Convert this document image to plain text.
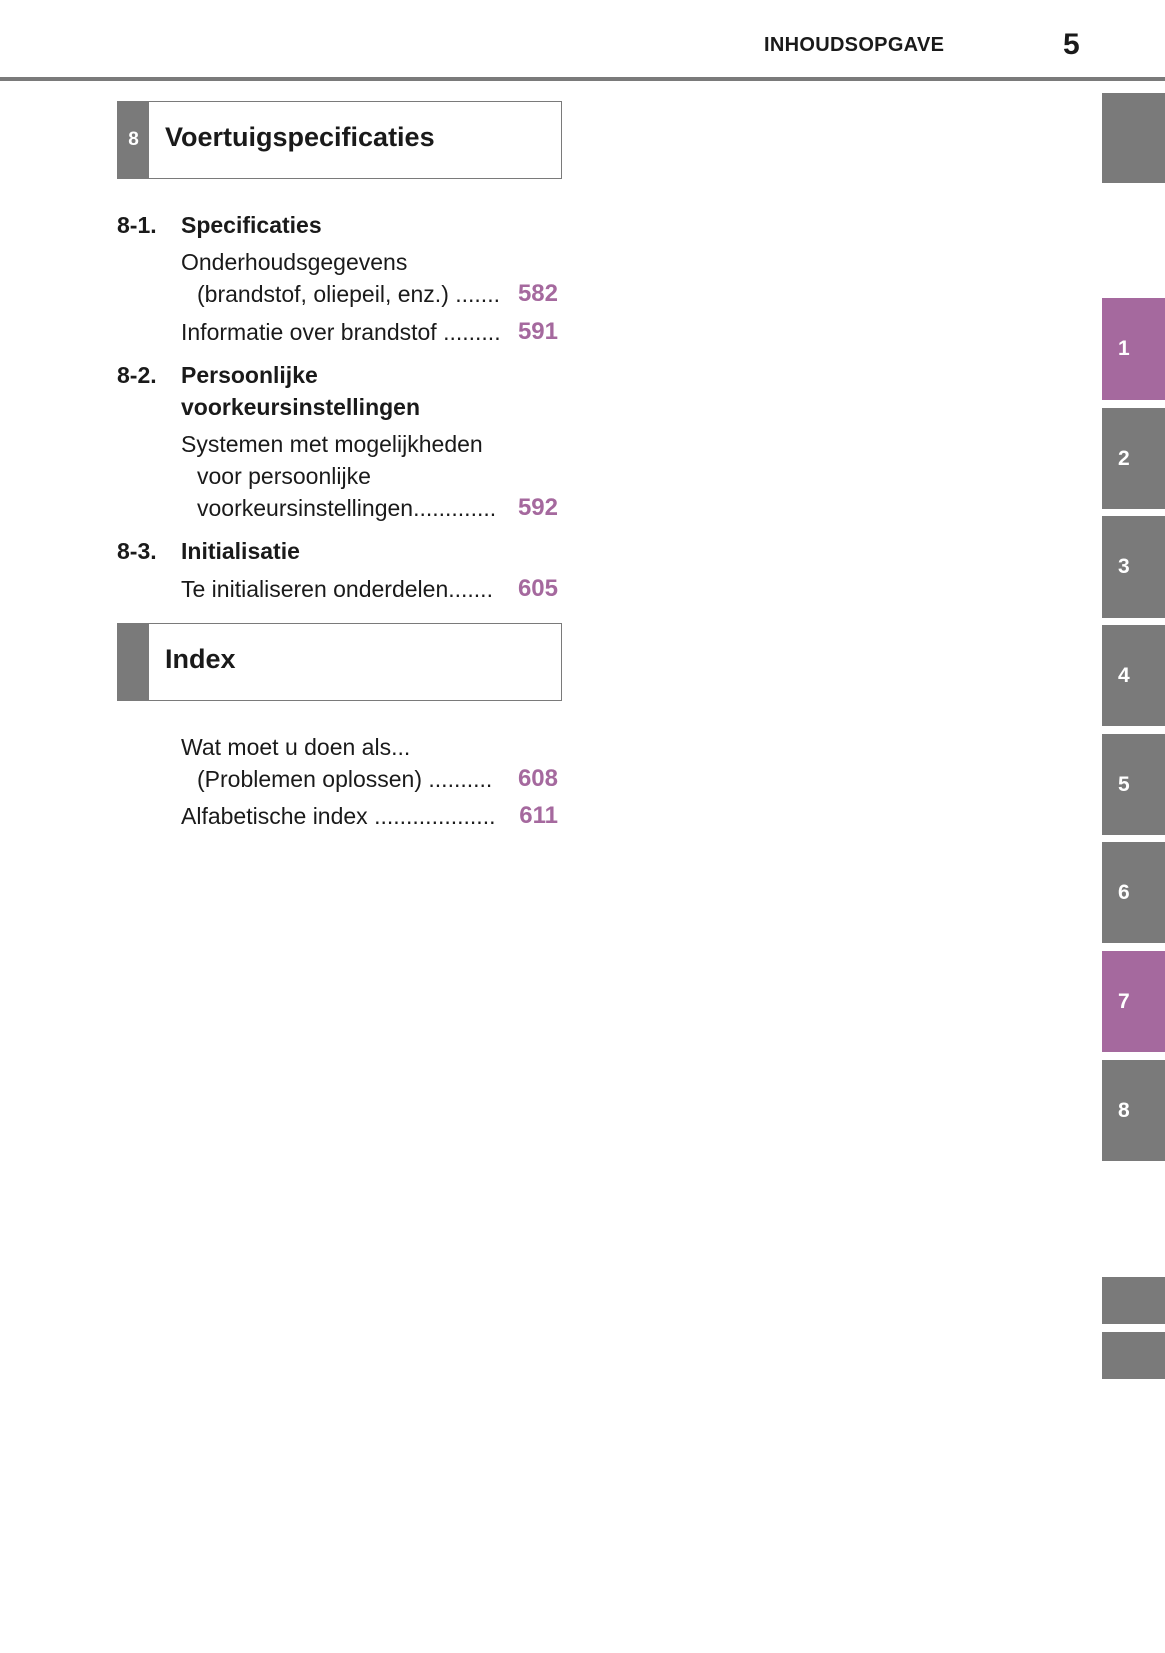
INHOUDSOPGAVE	5
8 Voertuigspecificaties
8-1. Specificaties
Onderhoudsgegevens
(brandstof, oliepeil, enz.) ....... 582
Informatie over brandstof ......... 591
8-2. Persoonlijke
voorkeursinstellingen
Systemen met mogelijkheden
voor persoonlijke
voorkeursinstellingen............. 592
8-3. Initialisatie
Te initialiseren onderdelen....... 605
Index
Wat moet u doen als...
(Problemen oplossen) .......... 608
Alfabetische index ................... 611
1
2
3
4
5
6
7
8
